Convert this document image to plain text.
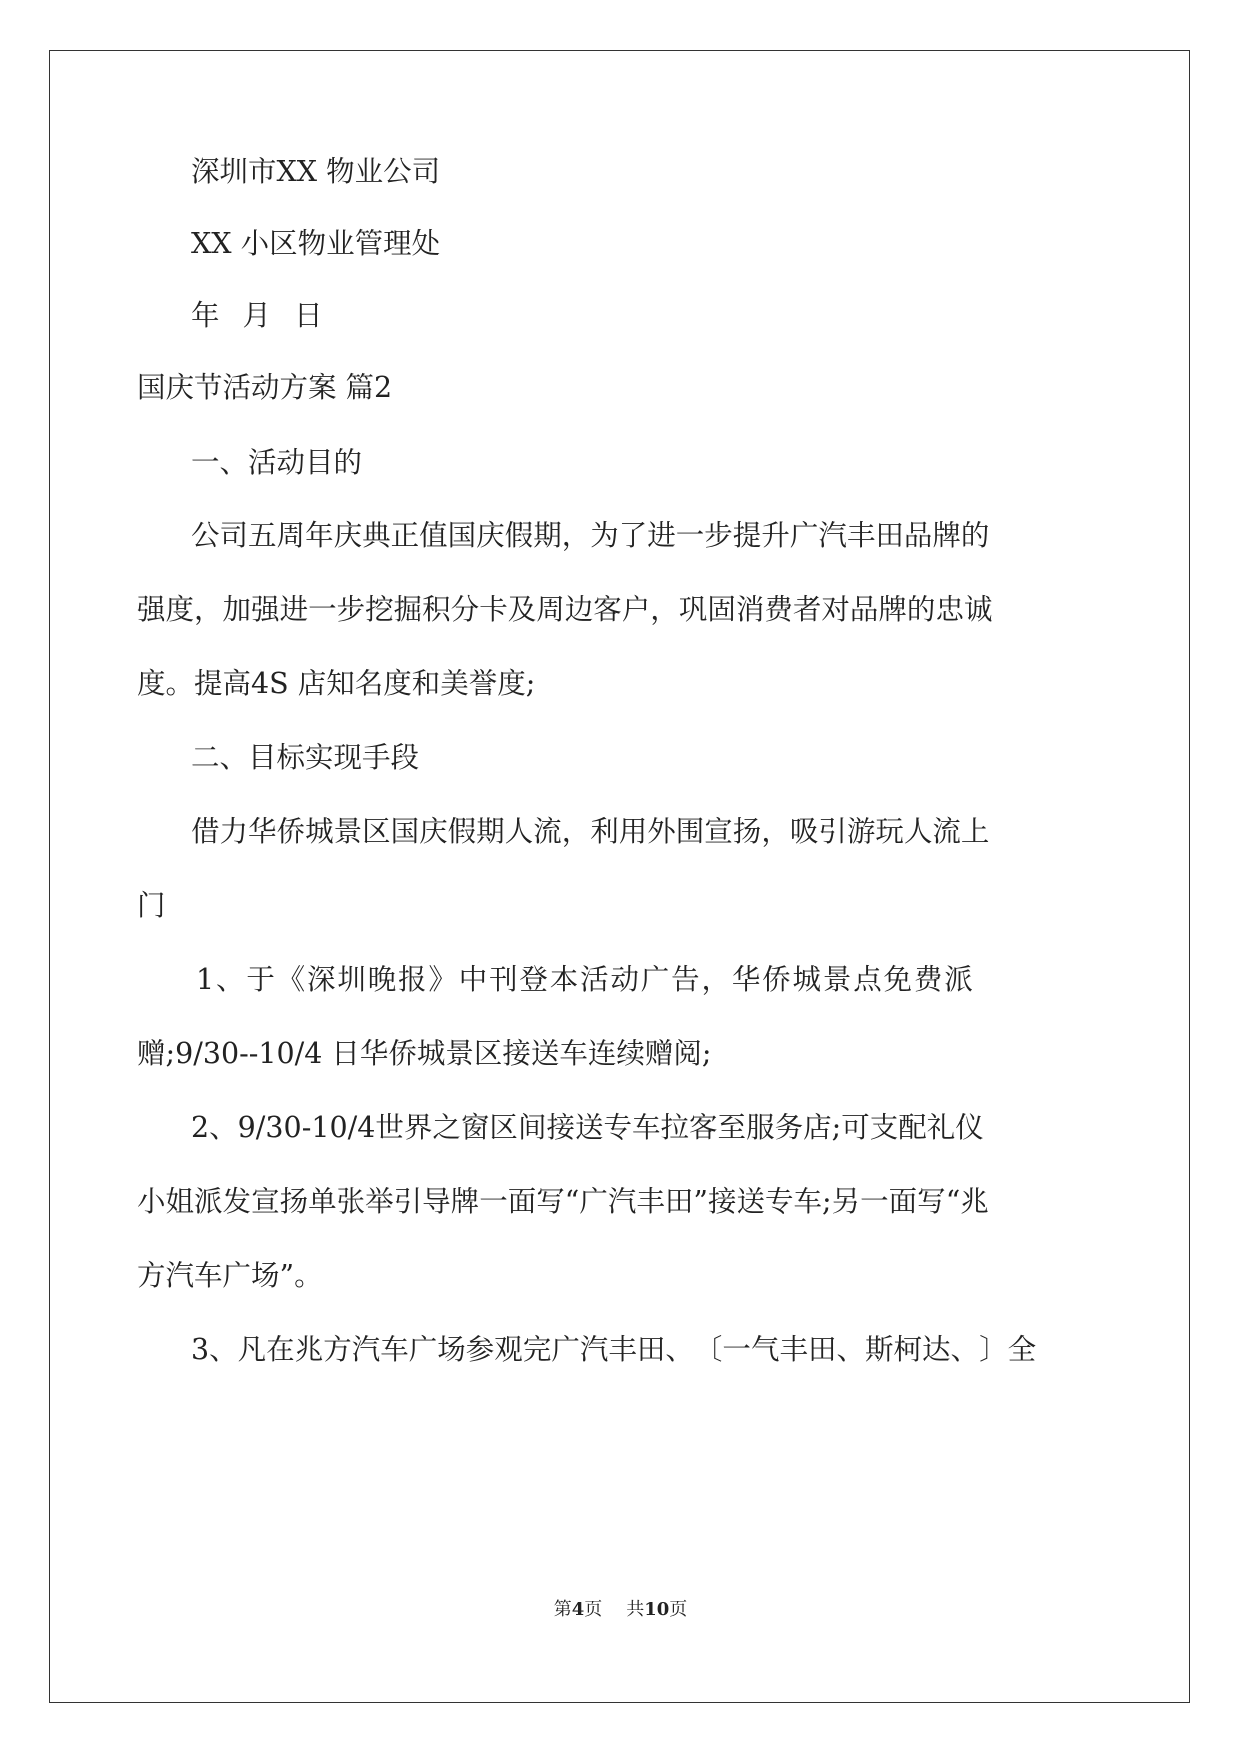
深圳市XX 物业公司
XX 小区物业管理处
年 月 日
国庆节活动方案 篇2
一、活动目的
公 司 五 周 年 庆 典 正 值 国 庆 假 期 ， 为 了 进 一 步 提 升 广 汽 丰 田 品 牌 的
强 度 ， 加 强 进 一 步 挖 掘 积 分 卡 及 周 边 客 户 ， 巩 固 消 费 者 对 品 牌 的 忠 诚
度。提高4S 店知名度和美誉度;
二、目标实现手段
借 力 华 侨 城 景 区 国 庆 假 期 人 流 ， 利 用 外 围 宣 扬 ， 吸 引 游 玩 人 流 上
门
1 、 于 《 深 圳 晚 报 》 中 刊 登 本 活 动 广 告 ， 华 侨 城 景 点 免 费 派
赠;9/30--10/4 日华侨城景区接送车连续赠阅;
2 、 9 / 3 0 - 1 0 / 4 世 界 之 窗 区 间 接 送 专 车 拉 客 至 服 务 店 ; 可 支 配 礼 仪
小 姐 派 发 宣 扬 单 张 举 引 导 牌 一 面 写 “ 广 汽 丰 田 ” 接 送 专 车 ; 另 一 面 写 “ 兆
方汽车广场”。
3 、 凡 在 兆 方 汽 车 广 场 参 观 完 广 汽 丰 田 、 〔 一 气 丰 田 、 斯 柯 达 、 〕 全
第4页 共10页
